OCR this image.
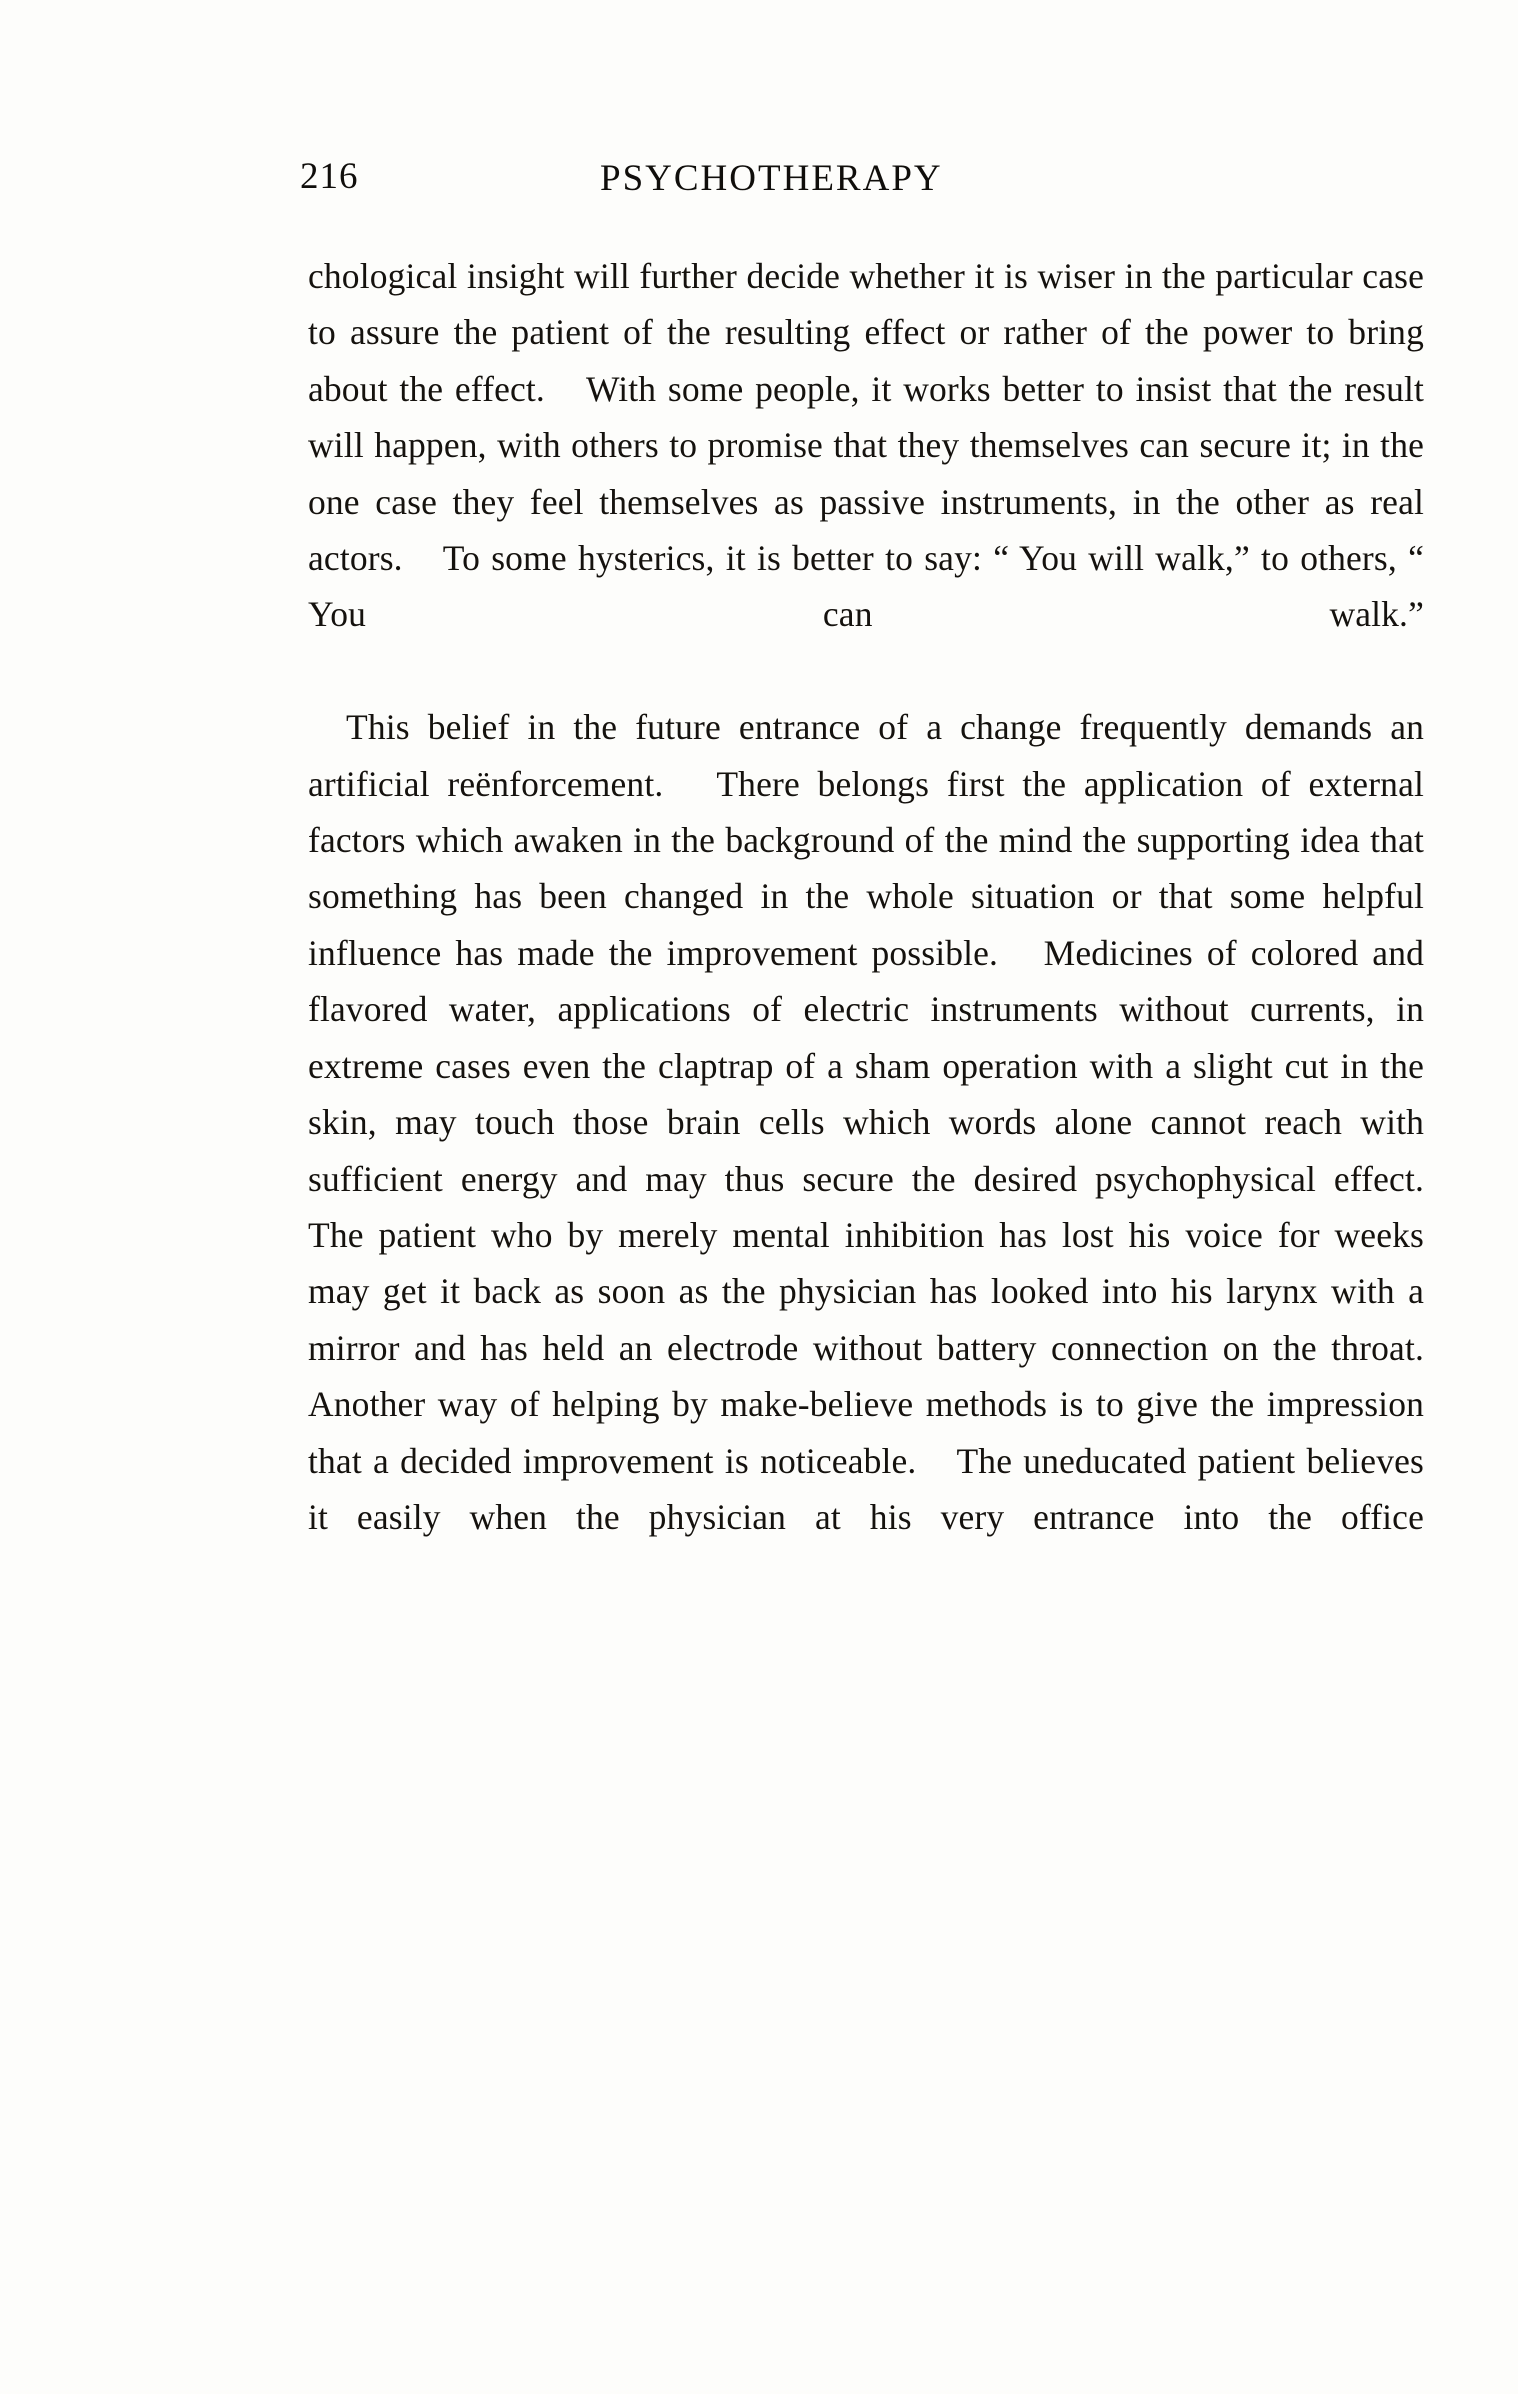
216	PSYCHOTHERAPY

chological insight will further decide whether it is wiser in the particular case to assure the patient of the resulting effect or rather of the power to bring about the effect.　With some people, it works better to insist that the result will happen, with others to promise that they themselves can secure it; in the one case they feel themselves as passive instruments, in the other as real actors.　To some hysterics, it is better to say: “ You will walk,” to others, “ You can walk.”

This belief in the future entrance of a change frequently demands an artificial reënforcement.　There belongs first the application of external factors which awaken in the background of the mind the supporting idea that something has been changed in the whole situation or that some helpful influence has made the improvement possible.　Medicines of colored and flavored water, applications of electric instruments without currents, in extreme cases even the claptrap of a sham operation with a slight cut in the skin, may touch those brain cells which words alone cannot reach with sufficient energy and may thus secure the desired psychophysical effect.　The patient who by merely mental inhibition has lost his voice for weeks may get it back as soon as the physician has looked into his larynx with a mirror and has held an electrode without battery connection on the throat. Another way of helping by make-believe methods is to give the impression that a decided improvement is noticeable.　The uneducated patient believes it easily when the physician at his very entrance into the office
